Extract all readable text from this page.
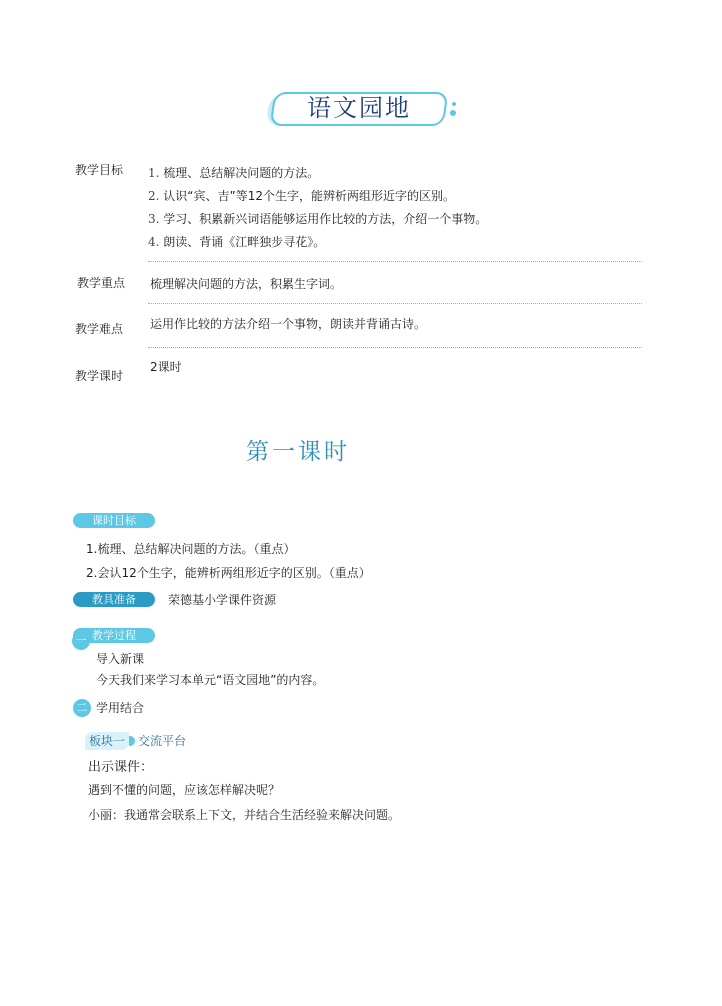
语文园地
教学目标 1. 梳理、总结解决问题的方法。
2. 认识“宾、吉”等12个生字，能辨析两组形近字的区别。
3. 学习、积累新兴词语能够运用作比较的方法，介绍一个事物。
4. 朗读、背诵《江畔独步寻花》。
教学重点 梳理解决问题的方法，积累生字词。
教学难点 运用作比较的方法介绍一个事物，朗读并背诵古诗。
教学课时
2课时
第一课时
课时目标
1.梳理、总结解决问题的方法。（重点）
2.会认12个生字，能辨析两组形近字的区别。（重点）
教具准备	荣德基小学课件资源
教学过程
一
导入新课
今天我们来学习本单元“语文园地”的内容。
二 学用结合
板块一	交流平台
出示课件：
遇到不懂的问题，应该怎样解决呢？
小丽：我通常会联系上下文，并结合生活经验来解决问题。
